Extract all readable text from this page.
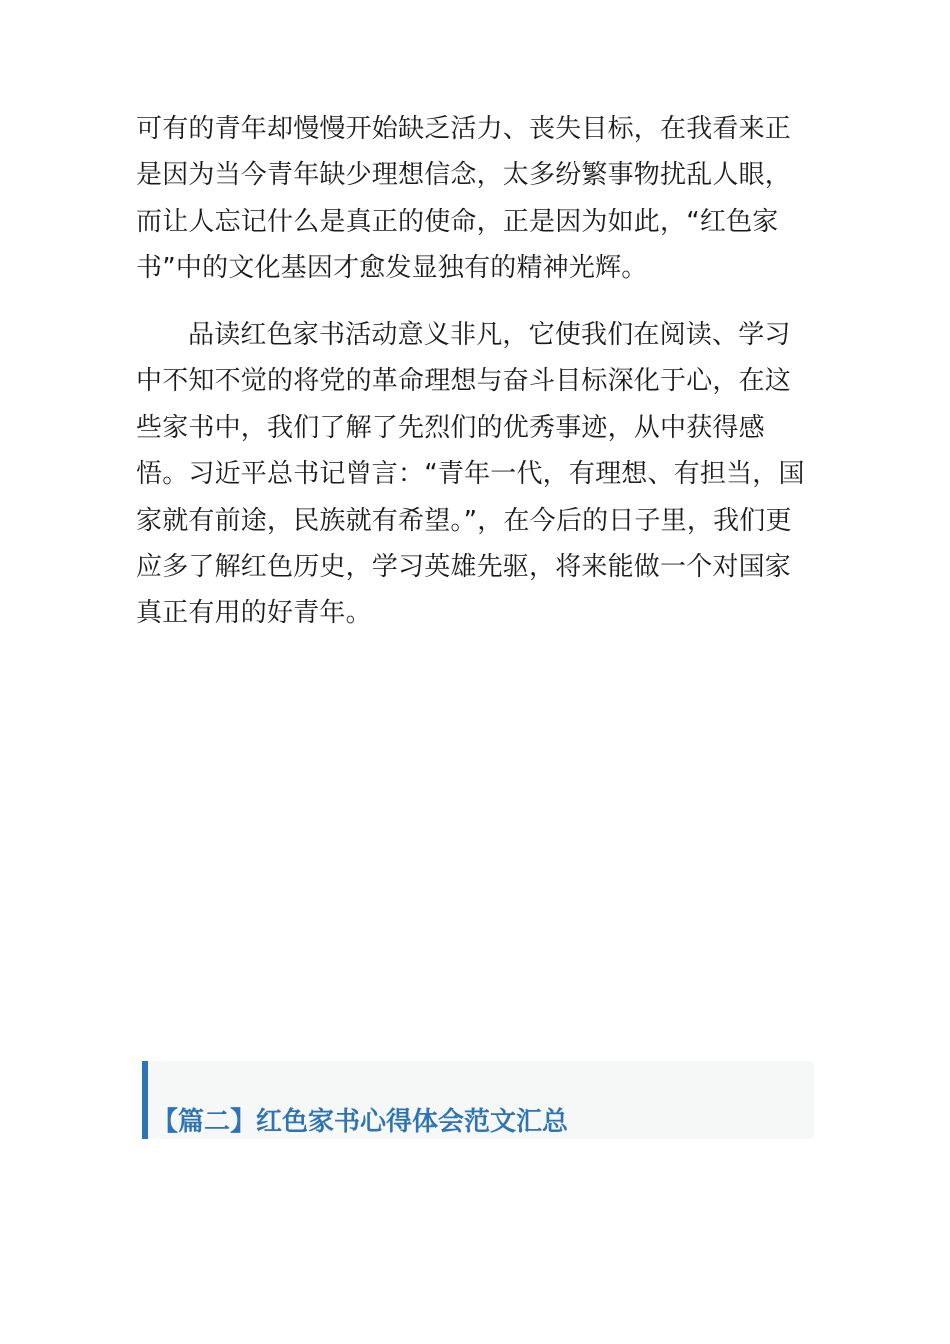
可有的青年却慢慢开始缺乏活力、丧失目标，在我看来正是因为当今青年缺少理想信念，太多纷繁事物扰乱人眼，而让人忘记什么是真正的使命，正是因为如此，“红色家书”中的文化基因才愈发显独有的精神光辉。

品读红色家书活动意义非凡，它使我们在阅读、学习中不知不觉的将党的革命理想与奋斗目标深化于心，在这些家书中，我们了解了先烈们的优秀事迹，从中获得感悟。习近平总书记曾言：“青年一代，有理想、有担当，国家就有前途，民族就有希望。”，在今后的日子里，我们更应多了解红色历史，学习英雄先驱，将来能做一个对国家真正有用的好青年。

【篇二】红色家书心得体会范文汇总
